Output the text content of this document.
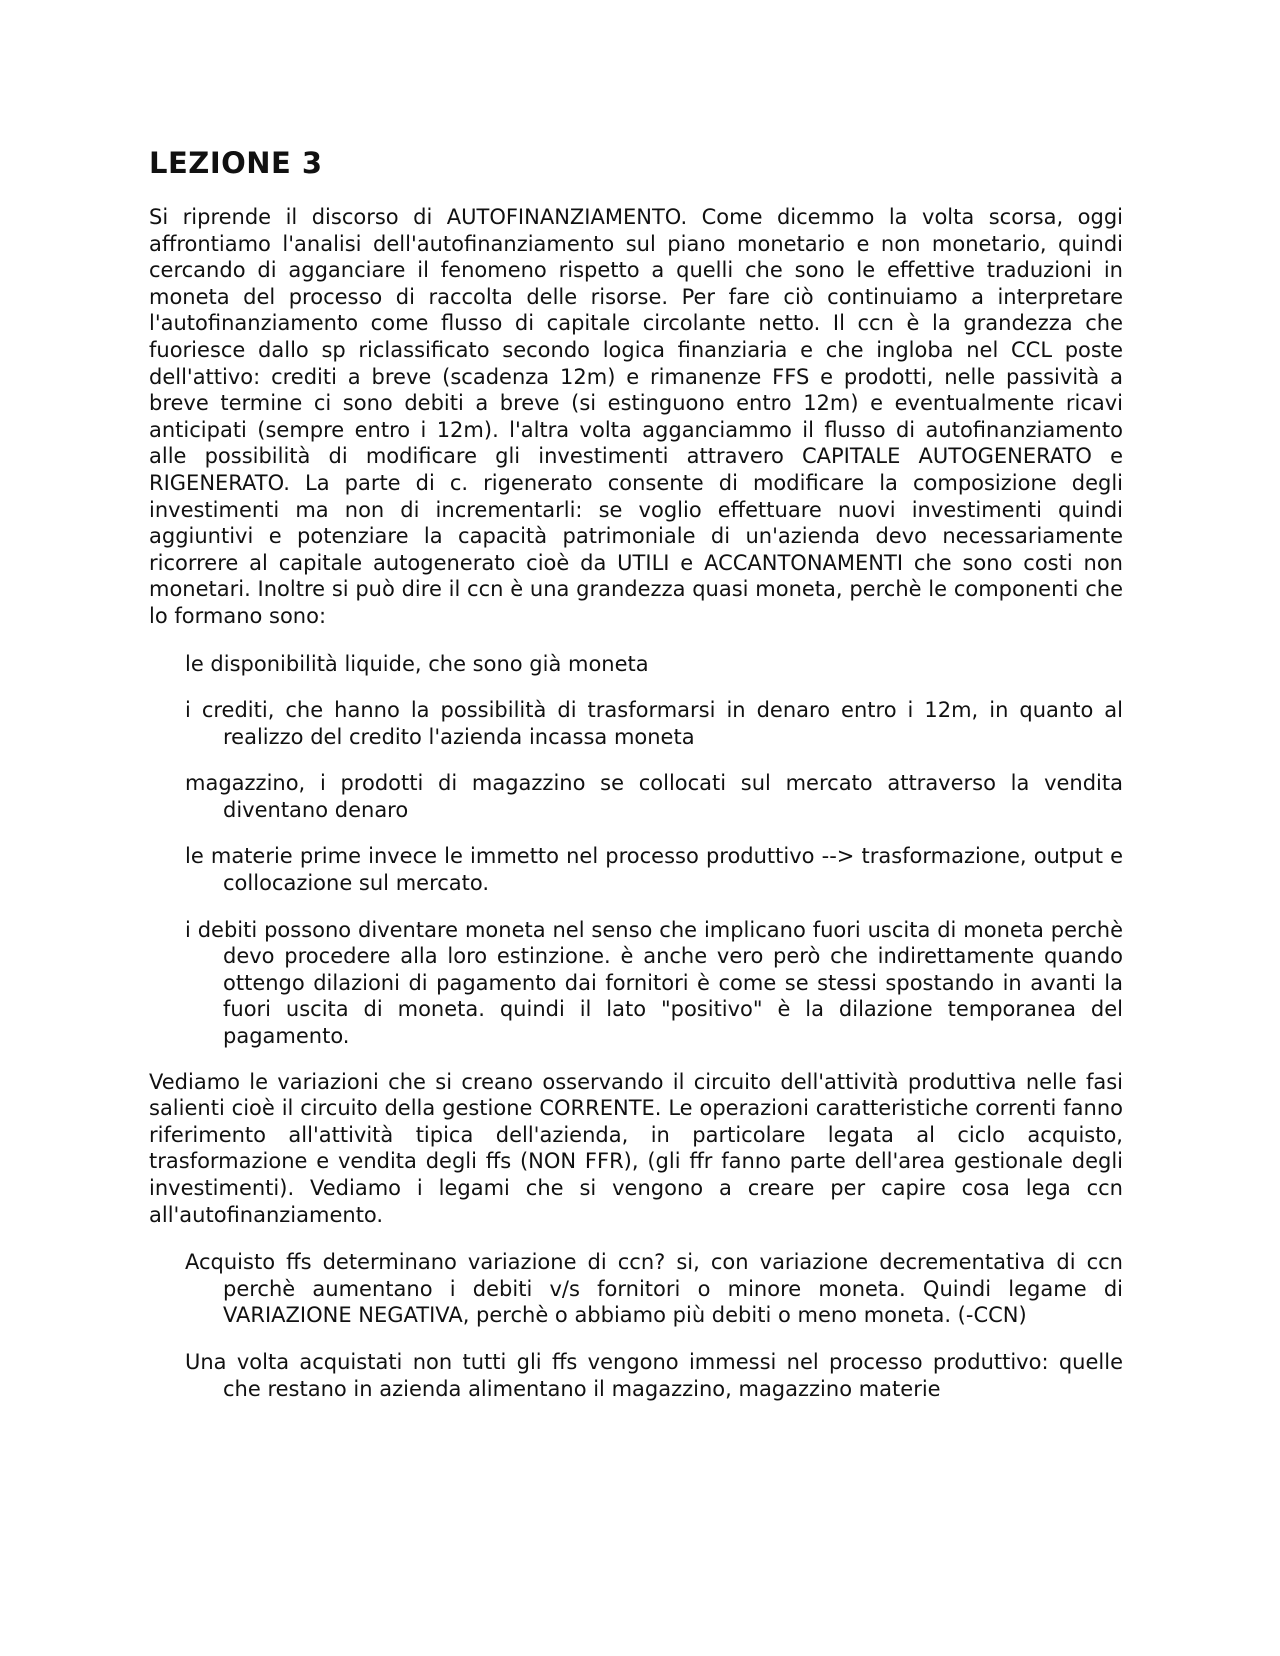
LEZIONE 3

Si riprende il discorso di AUTOFINANZIAMENTO. Come dicemmo la volta scorsa, oggi affrontiamo l'analisi dell'autofinanziamento sul piano monetario e non monetario, quindi cercando di agganciare il fenomeno rispetto a quelli che sono le effettive traduzioni in moneta del processo di raccolta delle risorse. Per fare ciò continuiamo a interpretare l'autofinanziamento come flusso di capitale circolante netto. Il ccn è la grandezza che fuoriesce dallo sp riclassificato secondo logica finanziaria e che ingloba nel CCL poste dell'attivo: crediti a breve (scadenza 12m) e rimanenze FFS e prodotti, nelle passività a breve termine ci sono debiti a breve (si estinguono entro 12m) e eventualmente ricavi anticipati (sempre entro i 12m). l'altra volta agganciammo il flusso di autofinanziamento alle possibilità di modificare gli investimenti attravero CAPITALE AUTOGENERATO e RIGENERATO. La parte di c. rigenerato consente di modificare la composizione degli investimenti ma non di incrementarli: se voglio effettuare nuovi investimenti quindi aggiuntivi e potenziare la capacità patrimoniale di un'azienda devo necessariamente ricorrere al capitale autogenerato cioè da UTILI e ACCANTONAMENTI che sono costi non monetari. Inoltre si può dire il ccn è una grandezza quasi moneta, perchè le componenti che lo formano sono:

le disponibilità liquide, che sono già moneta
i crediti, che hanno la possibilità di trasformarsi in denaro entro i 12m, in quanto al realizzo del credito l'azienda incassa moneta
magazzino, i prodotti di magazzino se collocati sul mercato attraverso la vendita diventano denaro
le materie prime invece le immetto nel processo produttivo --> trasformazione, output e collocazione sul mercato.
i debiti possono diventare moneta nel senso che implicano fuori uscita di moneta perchè devo procedere alla loro estinzione. è anche vero però che indirettamente quando ottengo dilazioni di pagamento dai fornitori è come se stessi spostando in avanti la fuori uscita di moneta. quindi il lato "positivo" è la dilazione temporanea del pagamento.

Vediamo le variazioni che si creano osservando il circuito dell'attività produttiva nelle fasi salienti cioè il circuito della gestione CORRENTE. Le operazioni caratteristiche correnti fanno riferimento all'attività tipica dell'azienda, in particolare legata al ciclo acquisto, trasformazione e vendita degli ffs (NON FFR), (gli ffr fanno parte dell'area gestionale degli investimenti). Vediamo i legami che si vengono a creare per capire cosa lega ccn all'autofinanziamento.

Acquisto ffs determinano variazione di ccn? si, con variazione decrementativa di ccn perchè aumentano i debiti v/s fornitori o minore moneta. Quindi legame di VARIAZIONE NEGATIVA, perchè o abbiamo più debiti o meno moneta. (-CCN)
Una volta acquistati non tutti gli ffs vengono immessi nel processo produttivo: quelle che restano in azienda alimentano il magazzino, magazzino materie
